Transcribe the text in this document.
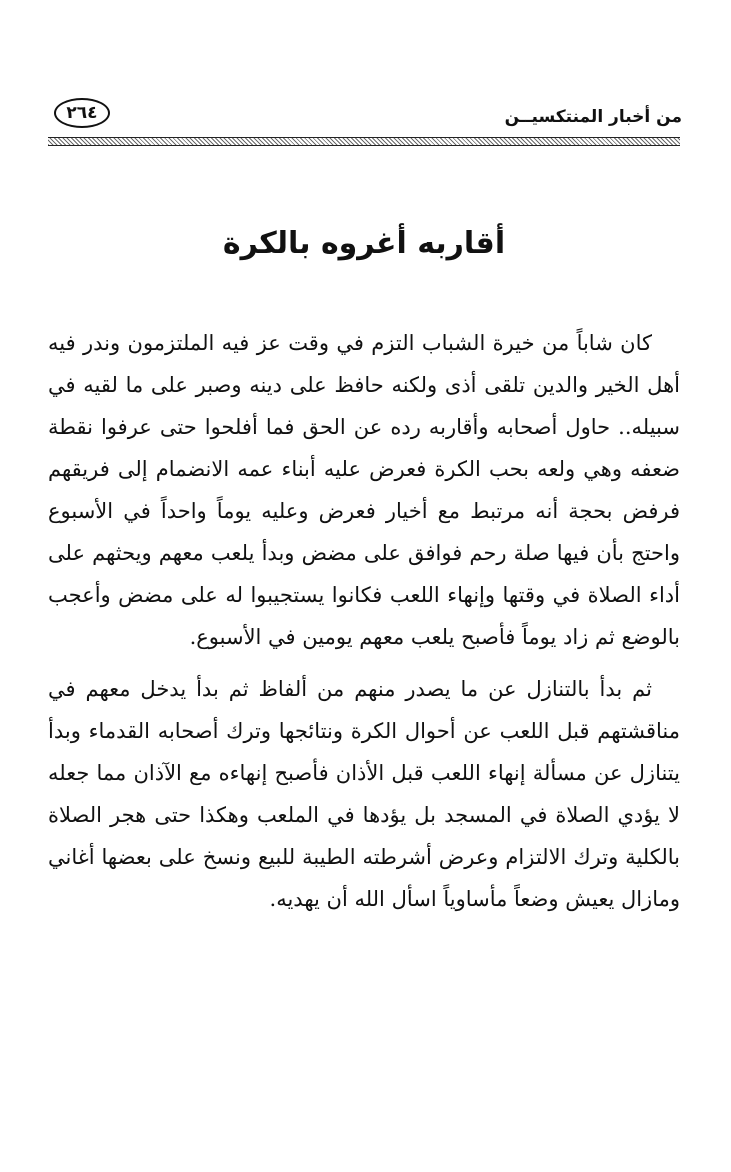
من أخبار المنتكسيــن
٢٦٤
أقاربه أغروه بالكرة

كان شاباً من خيرة الشباب التزم في وقت عز فيه الملتزمون وندر فيه أهل الخير والدين تلقى أذى ولكنه حافظ على دينه وصبر على ما لقيه في سبيله.. حاول أصحابه وأقاربه رده عن الحق فما أفلحوا حتى عرفوا نقطة ضعفه وهي ولعه بحب الكرة فعرض عليه أبناء عمه الانضمام إلى فريقهم فرفض بحجة أنه مرتبط مع أخيار فعرض وعليه يوماً واحداً في الأسبوع واحتج بأن فيها صلة رحم فوافق على مضض وبدأ يلعب معهم ويحثهم على أداء الصلاة في وقتها وإنهاء اللعب فكانوا يستجيبوا له على مضض وأعجب بالوضع ثم زاد يوماً فأصبح يلعب معهم يومين في الأسبوع.

ثم بدأ بالتنازل عن ما يصدر منهم من ألفاظ ثم بدأ يدخل معهم في مناقشتهم قبل اللعب عن أحوال الكرة ونتائجها وترك أصحابه القدماء وبدأ يتنازل عن مسألة إنهاء اللعب قبل الأذان فأصبح إنهاءه مع الآذان مما جعله لا يؤدي الصلاة في المسجد بل يؤدها في الملعب وهكذا حتى هجر الصلاة بالكلية وترك الالتزام وعرض أشرطته الطيبة للبيع ونسخ على بعضها أغاني ومازال يعيش وضعاً مأساوياً اسأل الله أن يهديه.
